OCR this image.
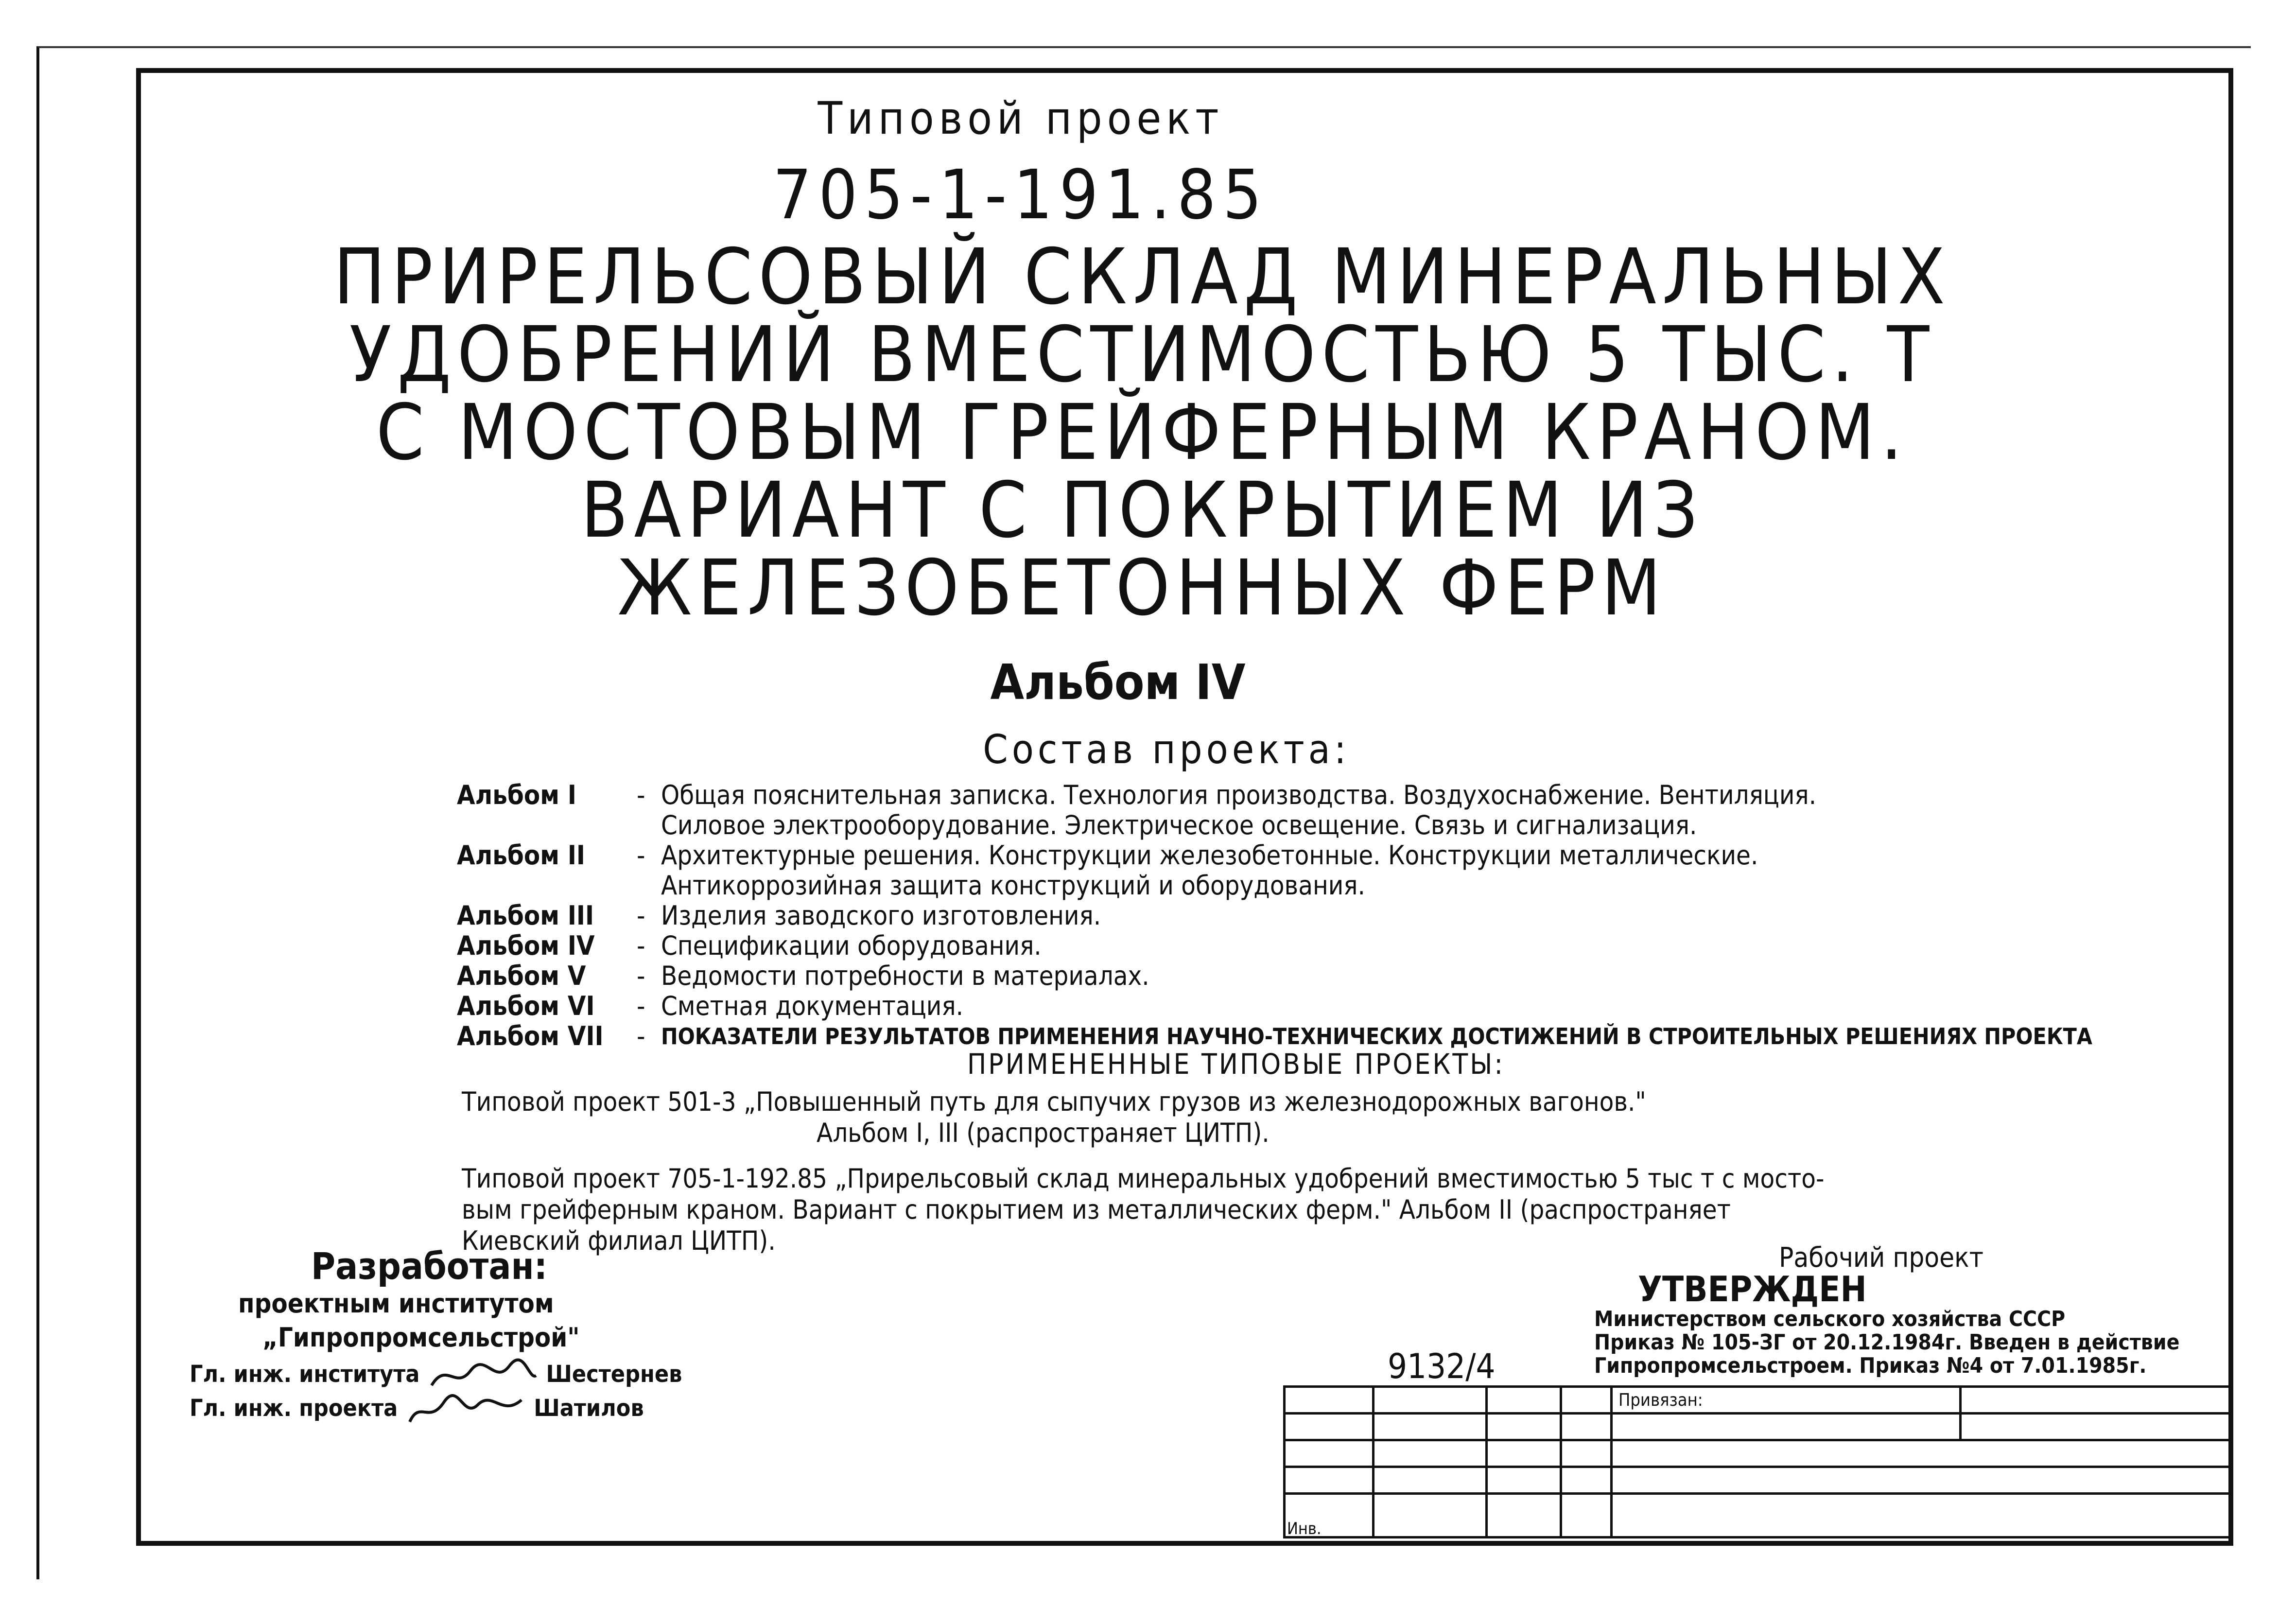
Типовой проект
705-1-191.85
ПРИРЕЛЬСОВЫЙ СКЛАД МИНЕРАЛЬНЫХ
УДОБРЕНИЙ ВМЕСТИМОСТЬЮ 5 ТЫС. Т
С МОСТОВЫМ ГРЕЙФЕРНЫМ КРАНОМ.
ВАРИАНТ С ПОКРЫТИЕМ ИЗ
ЖЕЛЕЗОБЕТОННЫХ ФЕРМ
Альбом IV
Состав проекта:
Альбом I	- Общая пояснительная записка. Технология производства. Воздухоснабжение. Вентиляция.
Силовое электрооборудование. Электрическое освещение. Связь и сигнализация.
Альбом II	- Архитектурные решения. Конструкции железобетонные. Конструкции металлические.
Антикоррозийная защита конструкций и оборудования.
Альбом III	- Изделия заводского изготовления.
Альбом IV	- Спецификации оборудования.
Альбом V	- Ведомости потребности в материалах.
Альбом VI	- Сметная документация.
Альбом VII	- ПОКАЗАТЕЛИ РЕЗУЛЬТАТОВ ПРИМЕНЕНИЯ НАУЧНО-ТЕХНИЧЕСКИХ ДОСТИЖЕНИЙ В СТРОИТЕЛЬНЫХ РЕШЕНИЯХ ПРОЕКТА
ПРИМЕНЕННЫЕ ТИПОВЫЕ ПРОЕКТЫ:
Типовой проект 501-3 „Повышенный путь для сыпучих грузов из железнодорожных вагонов."
Альбом I, III (распространяет ЦИТП).
Типовой проект 705-1-192.85 „Прирельсовый склад минеральных удобрений вместимостью 5 тыс т с мосто-
вым грейферным краном. Вариант с покрытием из металлических ферм." Альбом II (распространяет
Киевский филиал ЦИТП).
Разработан:
проектным институтом
„Гипропромсельстрой"
Гл. инж. института	Шестернев
Гл. инж. проекта	Шатилов
Рабочий проект
УТВЕРЖДЕН
Министерством сельского хозяйства СССР
Приказ № 105-ЗГ от 20.12.1984г. Введен в действие
Гипропромсельстроем. Приказ №4 от 7.01.1985г.
9132/4

Привязан:
Инв.
